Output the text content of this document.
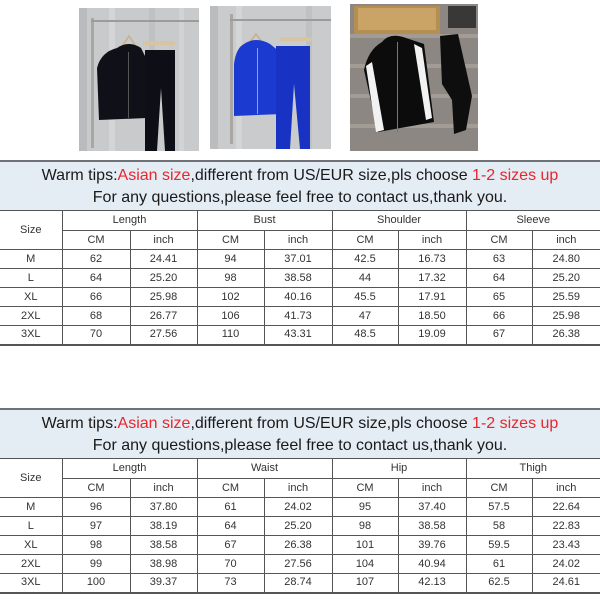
Warm tips:Asian size,different from US/EUR size,pls choose 1-2 sizes up
For any questions,please feel free to contact us,thank you.
Size	Length		Bust		Shoulder		Sleeve	
	CM	inch	CM	inch	CM	inch	CM	inch
M	62	24.41	94	37.01	42.5	16.73	63	24.80
L	64	25.20	98	38.58	44	17.32	64	25.20
XL	66	25.98	102	40.16	45.5	17.91	65	25.59
2XL	68	26.77	106	41.73	47	18.50	66	25.98
3XL	70	27.56	110	43.31	48.5	19.09	67	26.38
Warm tips:Asian size,different from US/EUR size,pls choose 1-2 sizes up
For any questions,please feel free to contact us,thank you.
Size	Length		Waist		Hip		Thigh	
	CM	inch	CM	inch	CM	inch	CM	inch
M	96	37.80	61	24.02	95	37.40	57.5	22.64
L	97	38.19	64	25.20	98	38.58	58	22.83
XL	98	38.58	67	26.38	101	39.76	59.5	23.43
2XL	99	38.98	70	27.56	104	40.94	61	24.02
3XL	100	39.37	73	28.74	107	42.13	62.5	24.61
